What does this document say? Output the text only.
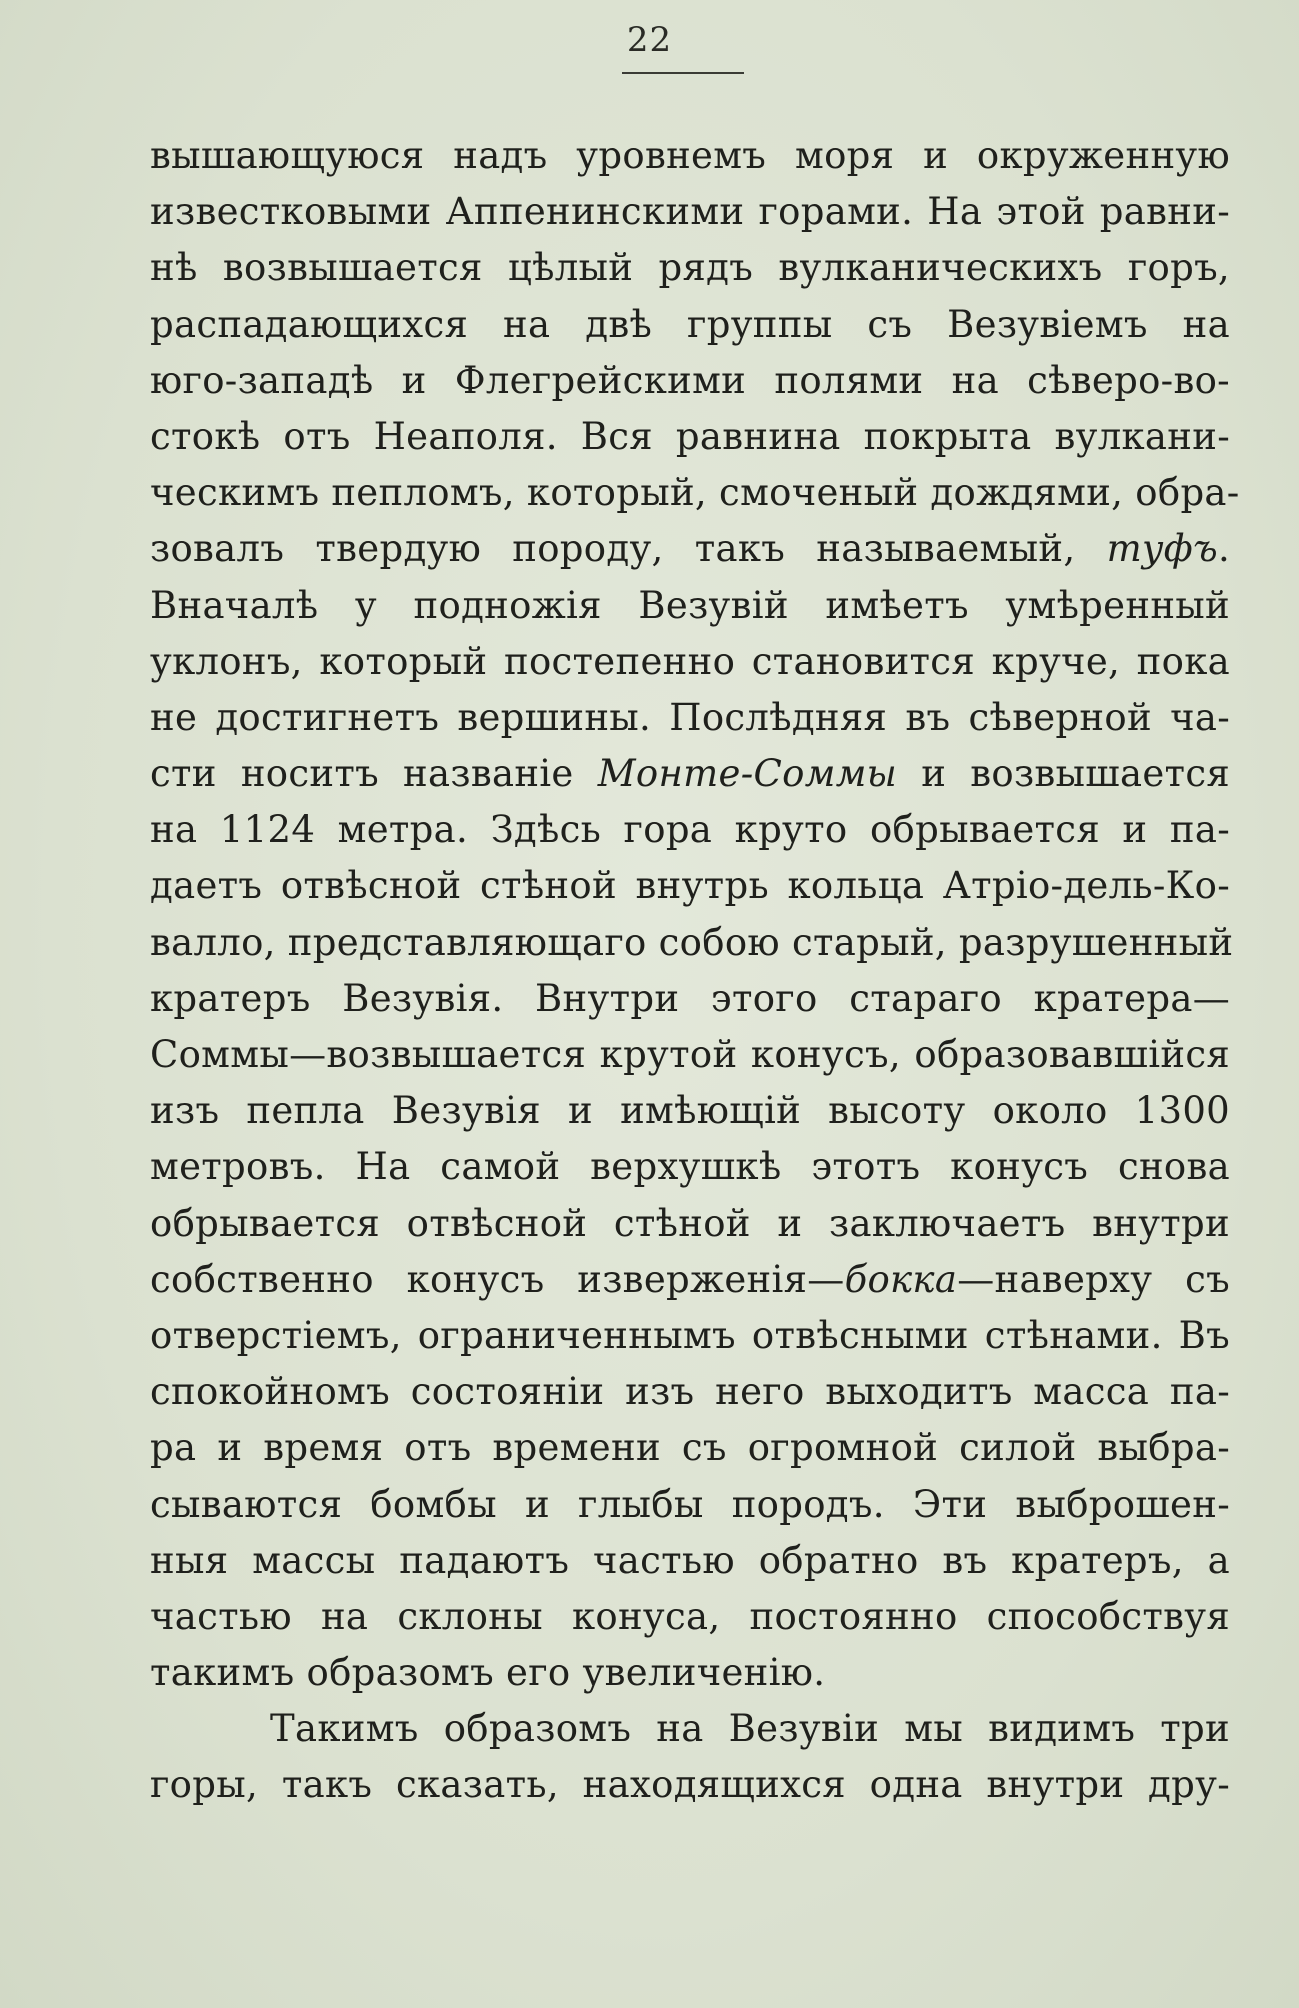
22
вышающуюся надъ уровнемъ моря и окруженную
известковыми Аппенинскими горами. На этой равни-
нѣ возвышается цѣлый рядъ вулканическихъ горъ,
распадающихся на двѣ группы съ Везувіемъ на
юго-западѣ и Флегрейскими полями на сѣверо-во-
стокѣ отъ Неаполя. Вся равнина покрыта вулкани-
ческимъ пепломъ, который, смоченый дождями, обра-
зовалъ твердую породу, такъ называемый, туфъ.
Вначалѣ у подножія Везувій имѣетъ умѣренный
уклонъ, который постепенно становится круче, пока
не достигнетъ вершины. Послѣдняя въ сѣверной ча-
сти носитъ названіе Монте-Соммы и возвышается
на 1124 метра. Здѣсь гора круто обрывается и па-
даетъ отвѣсной стѣной внутрь кольца Атріо-дель-Ко-
валло, представляющаго собою старый, разрушенный
кратеръ Везувія. Внутри этого стараго кратера—
Соммы—возвышается крутой конусъ, образовавшійся
изъ пепла Везувія и имѣющій высоту около 1300
метровъ. На самой верхушкѣ этотъ конусъ снова
обрывается отвѣсной стѣной и заключаетъ внутри
собственно конусъ изверженія—бокка—наверху съ
отверстіемъ, ограниченнымъ отвѣсными стѣнами. Въ
спокойномъ состояніи изъ него выходитъ масса па-
ра и время отъ времени съ огромной силой выбра-
сываются бомбы и глыбы породъ. Эти выброшен-
ныя массы падаютъ частью обратно въ кратеръ, а
частью на склоны конуса, постоянно способствуя
такимъ образомъ его увеличенію.
Такимъ образомъ на Везувіи мы видимъ три
горы, такъ сказать, находящихся одна внутри дру-
